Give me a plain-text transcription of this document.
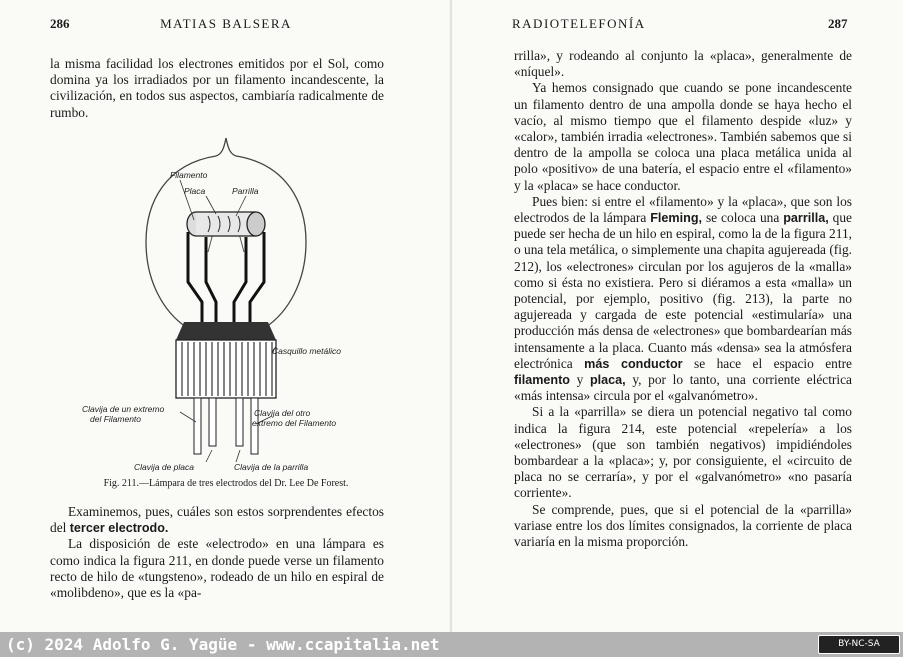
286	MATIAS BALSERA

la misma facilidad los electrones emitidos por el Sol, como domina ya los irradiados por un filamento incandescente, la civilización, en todos sus aspectos, cambiaría radicalmente de rumbo.

Filamento
Placa	Parrilla
Casquillo metálico
Clavija de un extremo
del Filamento
Clavija del otro
extremo del Filamento
Clavija de placa	Clavija de la parrilla
Fig. 211.—Lámpara de tres electrodos del Dr. Lee De Forest.

Examinemos, pues, cuáles son estos sorprendentes efectos del tercer electrodo.

La disposición de este «electrodo» en una lámpara es como indica la figura 211, en donde puede verse un filamento recto de hilo de «tungsteno», rodeado de un hilo en espiral de «molibdeno», que es la «pa-

RADIOTELEFONÍA	287

rrilla», y rodeando al conjunto la «placa», generalmente de «níquel».

Ya hemos consignado que cuando se pone incandescente un filamento dentro de una ampolla donde se haya hecho el vacío, al mismo tiempo que el filamento despide «luz» y «calor», también irradia «electrones». También sabemos que si dentro de la ampolla se coloca una placa metálica unida al polo «positivo» de una batería, el espacio entre el «filamento» y la «placa» se hace conductor.

Pues bien: si entre el «filamento» y la «placa», que son los electrodos de la lámpara Fleming, se coloca una parrilla, que puede ser hecha de un hilo en espiral, como la de la figura 211, o una tela metálica, o simplemente una chapita agujereada (fig. 212), los «electrones» circulan por los agujeros de la «malla» como si ésta no existiera. Pero si diéramos a esta «malla» un potencial, por ejemplo, positivo (fig. 213), la parte no agujereada y cargada de este potencial «estimularía» una producción más densa de «electrones» que bombardearían más intensamente a la placa. Cuanto más «densa» sea la atmósfera electrónica más conductor se hace el espacio entre filamento y placa, y, por lo tanto, una corriente eléctrica «más intensa» circula por el «galvanómetro».

Si a la «parrilla» se diera un potencial negativo tal como indica la figura 214, este potencial «repelería» a los «electrones» (que son también negativos) impidiéndoles bombardear a la «placa»; y, por consiguiente, el «circuito de placa no se cerraría», y por el «galvanómetro» «no pasaría corriente».

Se comprende, pues, que si el potencial de la «parrilla» variase entre los dos límites consignados, la corriente de placa variaría en la misma proporción.

(c) 2024 Adolfo G. Yagüe - www.ccapitalia.net	BY-NC-SA
